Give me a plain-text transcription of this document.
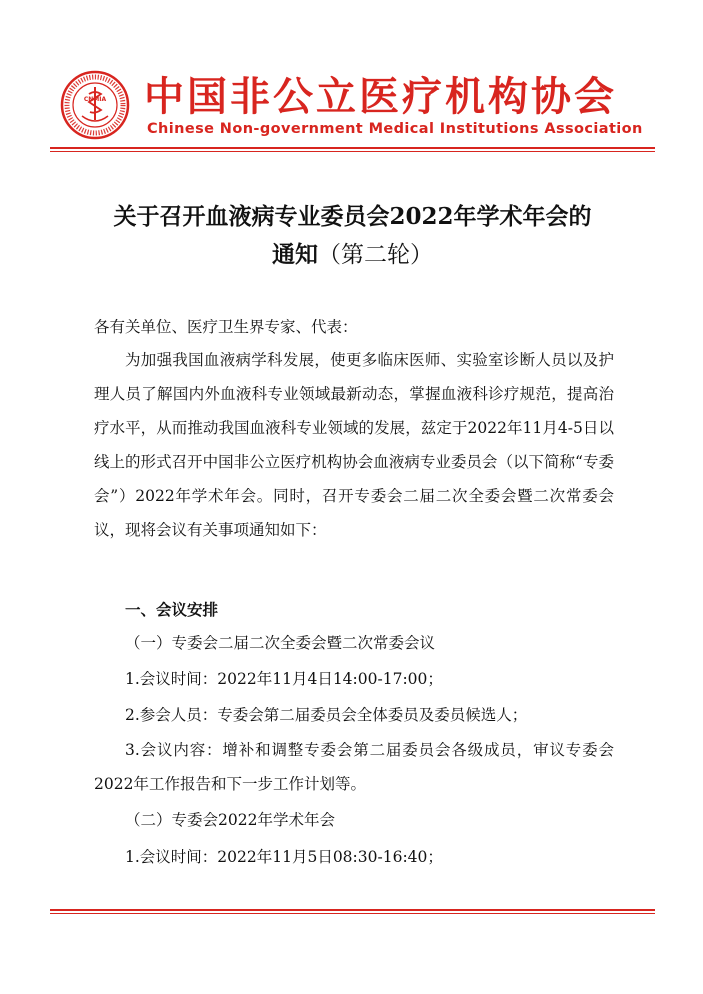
CNMIA 中国非公立医疗机构协会
Chinese Non-government Medical Institutions Association
关于召开血液病专业委员会2022年学术年会的
通知（第二轮）

各有关单位、医疗卫生界专家、代表：

为加强我国血液病学科发展，使更多临床医师、实验室诊断人员以及护理人员了解国内外血液科专业领域最新动态，掌握血液科诊疗规范，提高治疗水平，从而推动我国血液科专业领域的发展，兹定于2022年11月4-5日以线上的形式召开中国非公立医疗机构协会血液病专业委员会（以下简称“专委会”）2022年学术年会。同时，召开专委会二届二次全委会暨二次常委会议，现将会议有关事项通知如下：

一、会议安排

（一）专委会二届二次全委会暨二次常委会议

1.会议时间：2022年11月4日14:00-17:00；

2.参会人员：专委会第二届委员会全体委员及委员候选人；

3.会议内容：增补和调整专委会第二届委员会各级成员，审议专委会2022年工作报告和下一步工作计划等。

（二）专委会2022年学术年会

1.会议时间：2022年11月5日08:30-16:40；
